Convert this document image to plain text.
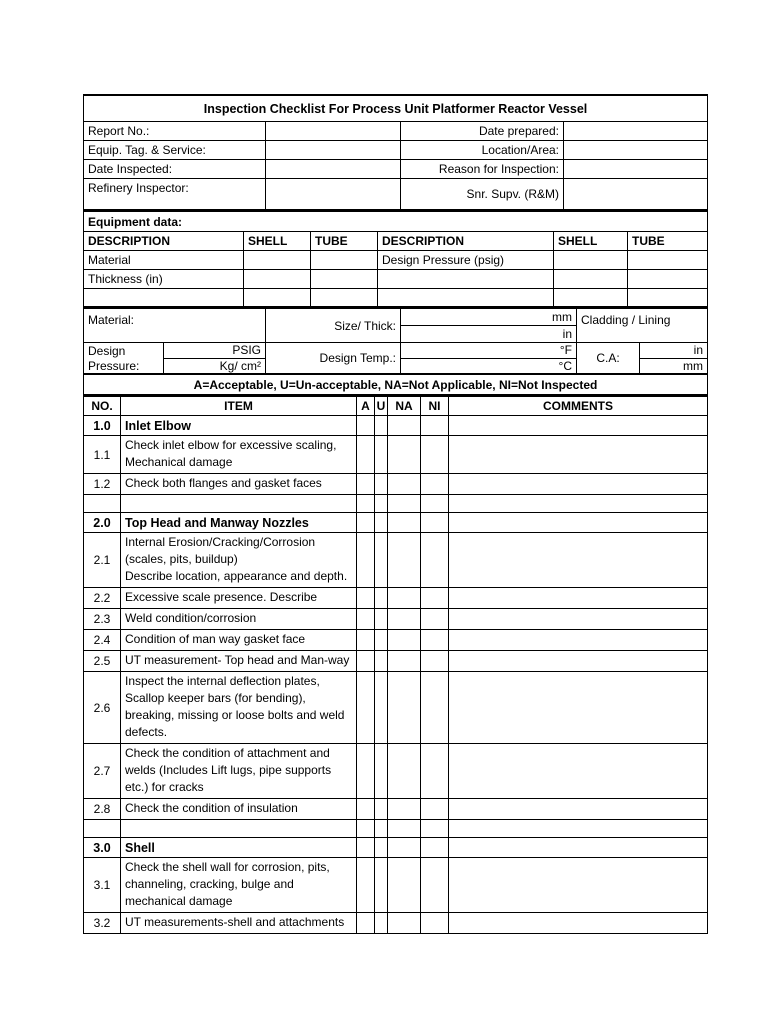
Inspection Checklist For Process Unit Platformer Reactor Vessel			
Report No.:		Date prepared:	
Equip. Tag. & Service:		Location/Area:	
Date Inspected:		Reason for Inspection:	
Refinery Inspector:		Snr. Supv. (R&M)	
Equipment data:					
DESCRIPTION	SHELL	TUBE	DESCRIPTION	SHELL	TUBE
Material			Design Pressure (psig)		
Thickness (in)					

Material:		Size/ Thick:	mm	Cladding / Lining	
			in		
Design	PSIG	Design Temp.:	°F	C.A:	in
Pressure:	Kg/ cm²		°C		mm
A=Acceptable, U=Un-acceptable, NA=Not Applicable, NI=Not Inspected					
NO.	ITEM	A	U	NA	NI	COMMENTS
1.0	Inlet Elbow					
1.1	Check inlet elbow for excessive scaling,
Mechanical damage					
1.2	Check both flanges and gasket faces					

2.0	Top Head and Manway Nozzles					
2.1	Internal Erosion/Cracking/Corrosion
(scales, pits, buildup)
Describe location, appearance and depth.					
2.2	Excessive scale presence. Describe					
2.3	Weld condition/corrosion					
2.4	Condition of man way gasket face					
2.5	UT measurement- Top head and Man-way					
2.6	Inspect the internal deflection plates,
Scallop keeper bars (for bending),
breaking, missing or loose bolts and weld
defects.					
2.7	Check the condition of attachment and
welds (Includes Lift lugs, pipe supports
etc.) for cracks					
2.8	Check the condition of insulation					

3.0	Shell					
3.1	Check the shell wall for corrosion, pits,
channeling, cracking, bulge and
mechanical damage					
3.2	UT measurements-shell and attachments					
